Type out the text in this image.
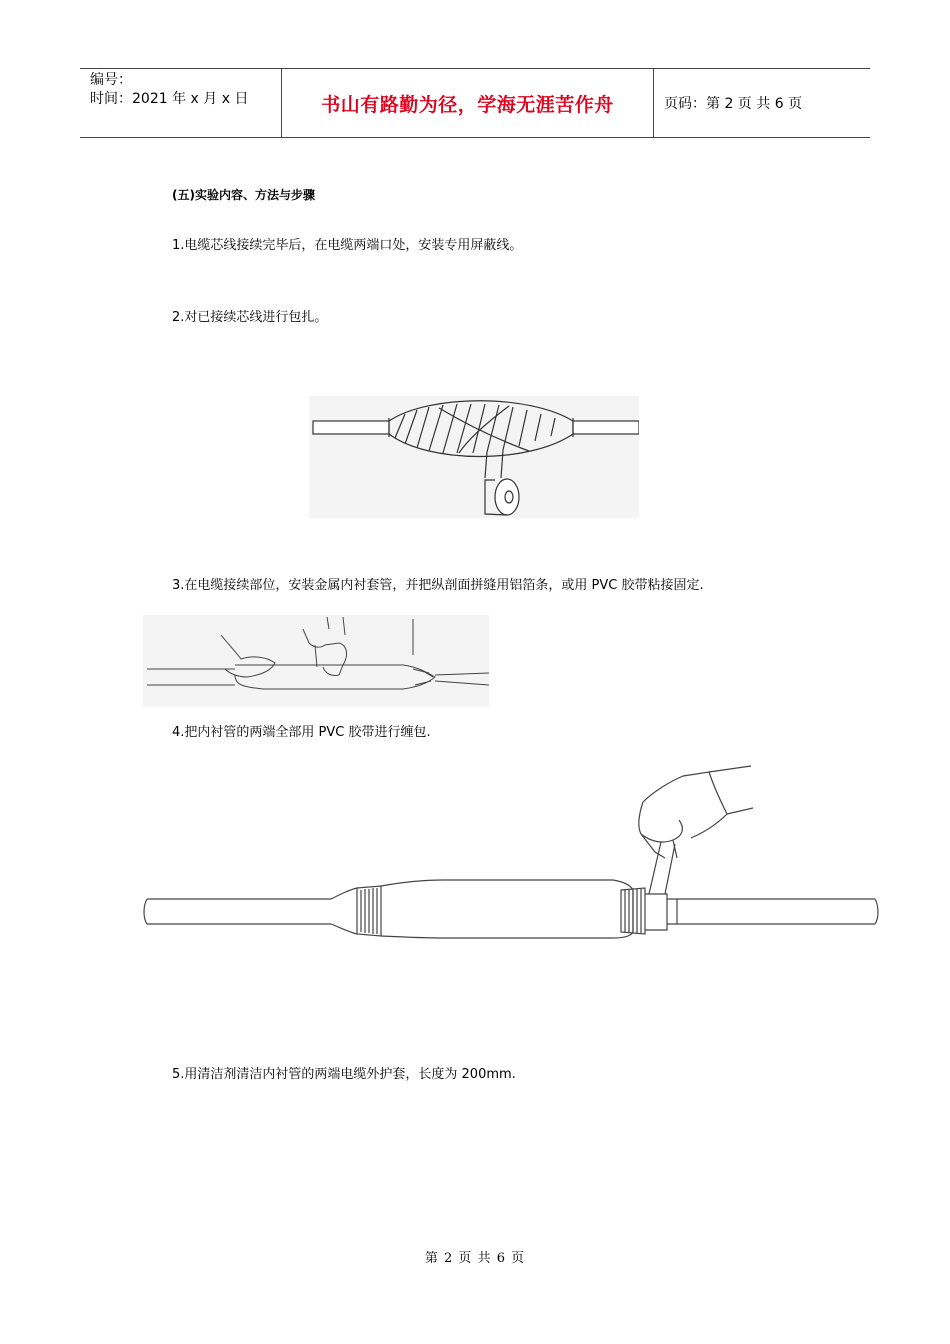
编号：
时间：2021 年 x 月 x 日	书山有路勤为径，学海无涯苦作舟	页码：第 2 页 共 6 页
(五)实验内容、方法与步骤
1.电缆芯线接续完毕后，在电缆两端口处，安装专用屏蔽线。
2.对已接续芯线进行包扎。
3.在电缆接续部位，安装金属内衬套管，并把纵剖面拼缝用铝箔条，或用 PVC 胶带粘接固定.
4.把内衬管的两端全部用 PVC 胶带进行缠包.
5.用清洁剂清洁内衬管的两端电缆外护套，长度为 200mm.
第 2 页 共 6 页
